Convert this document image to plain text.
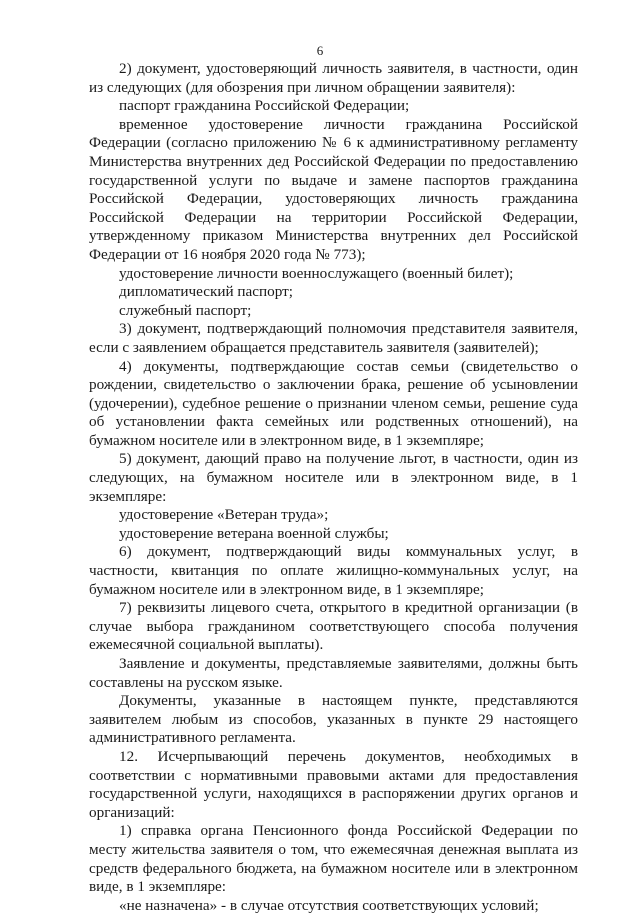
6

2) документ, удостоверяющий личность заявителя, в частности, один из следующих (для обозрения при личном обращении заявителя):

паспорт гражданина Российской Федерации;

временное удостоверение личности гражданина Российской Федерации (согласно приложению № 6 к административному регламенту Министерства внутренних дед Российской Федерации по предоставлению государственной услуги по выдаче и замене паспортов гражданина Российской Федерации, удостоверяющих личность гражданина Российской Федерации на территории Российской Федерации, утвержденному приказом Министерства внутренних дел Российской Федерации от 16 ноября 2020 года № 773);

удостоверение личности военнослужащего (военный билет);

дипломатический паспорт;

служебный паспорт;

3) документ, подтверждающий полномочия представителя заявителя, если с заявлением обращается представитель заявителя (заявителей);

4) документы, подтверждающие состав семьи (свидетельство о рождении, свидетельство о заключении брака, решение об усыновлении (удочерении), судебное решение о признании членом семьи, решение суда об установлении факта семейных или родственных отношений), на бумажном носителе или в электронном виде, в 1 экземпляре;

5) документ, дающий право на получение льгот, в частности, один из следующих, на бумажном носителе или в электронном виде, в 1 экземпляре:

удостоверение «Ветеран труда»;

удостоверение ветерана военной службы;

6) документ, подтверждающий виды коммунальных услуг, в частности, квитанция по оплате жилищно-коммунальных услуг, на бумажном носителе или в электронном виде, в 1 экземпляре;

7) реквизиты лицевого счета, открытого в кредитной организации (в случае выбора гражданином соответствующего способа получения ежемесячной социальной выплаты).

Заявление и документы, представляемые заявителями, должны быть составлены на русском языке.

Документы, указанные в настоящем пункте, представляются заявителем любым из способов, указанных в пункте 29 настоящего административного регламента.

12. Исчерпывающий перечень документов, необходимых в соответствии с нормативными правовыми актами для предоставления государственной услуги, находящихся в распоряжении других органов и организаций:

1) справка органа Пенсионного фонда Российской Федерации по месту жительства заявителя о том, что ежемесячная денежная выплата из средств федерального бюджета, на бумажном носителе или в электронном виде, в 1 экземпляре:

«не назначена» - в случае отсутствия соответствующих условий;
